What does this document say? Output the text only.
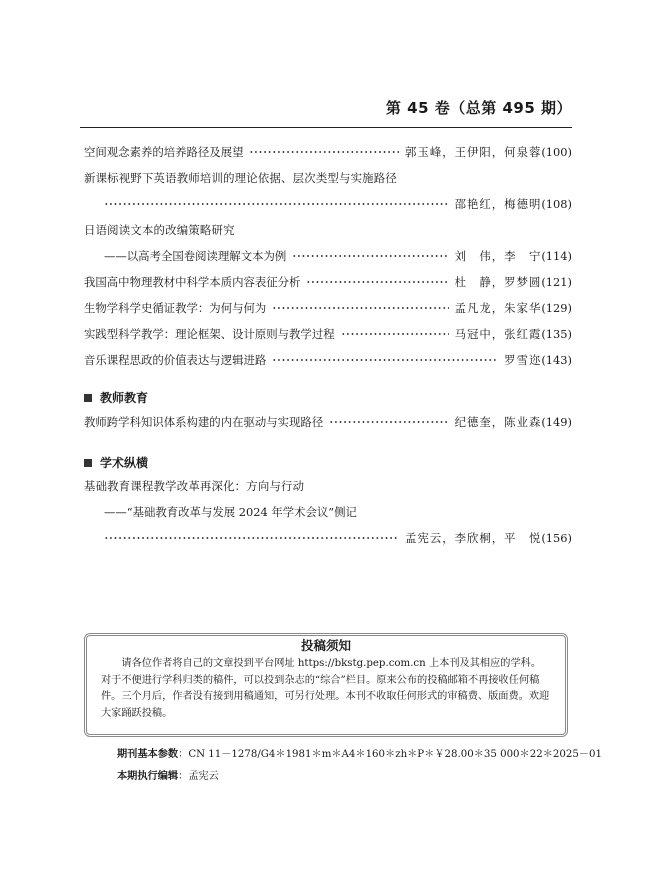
第 45 卷（总第 495 期）
空间观念素养的培养路径及展望	郭玉峰，王伊阳，何泉蓉 (100)
新课标视野下英语教师培训的理论依据、层次类型与实施路径
邵艳红，梅德明 (108)
日语阅读文本的改编策略研究
——以高考全国卷阅读理解文本为例	刘　伟，李　宁 (114)
我国高中物理教材中科学本质内容表征分析	杜　静，罗梦圆 (121)
生物学科学史循证教学：为何与何为	孟凡龙，朱家华 (129)
实践型科学教学：理论框架、设计原则与教学过程	马冠中，张红霞 (135)
音乐课程思政的价值表达与逻辑进路	罗雪迩 (143)
教师教育
教师跨学科知识体系构建的内在驱动与实现路径	纪德奎，陈业森 (149)
学术纵横
基础教育课程教学改革再深化：方向与行动
——“基础教育改革与发展 2024 年学术会议”侧记
孟宪云，李欣桐，平　悦 (156)
投稿须知
请各位作者将自己的文章投到平台网址 https://bkstg.pep.com.cn 上本刊及其相应的学科。对于不便进行学科归类的稿件，可以投到杂志的“综合”栏目。原来公布的投稿邮箱不再接收任何稿件。三个月后，作者没有接到用稿通知，可另行处理。本刊不收取任何形式的审稿费、版面费。欢迎大家踊跃投稿。
期刊基本参数：CN 11－1278/G4＊1981＊m＊A4＊160＊zh＊P＊￥28.00＊35 000＊22＊2025－01
本期执行编辑：孟宪云
